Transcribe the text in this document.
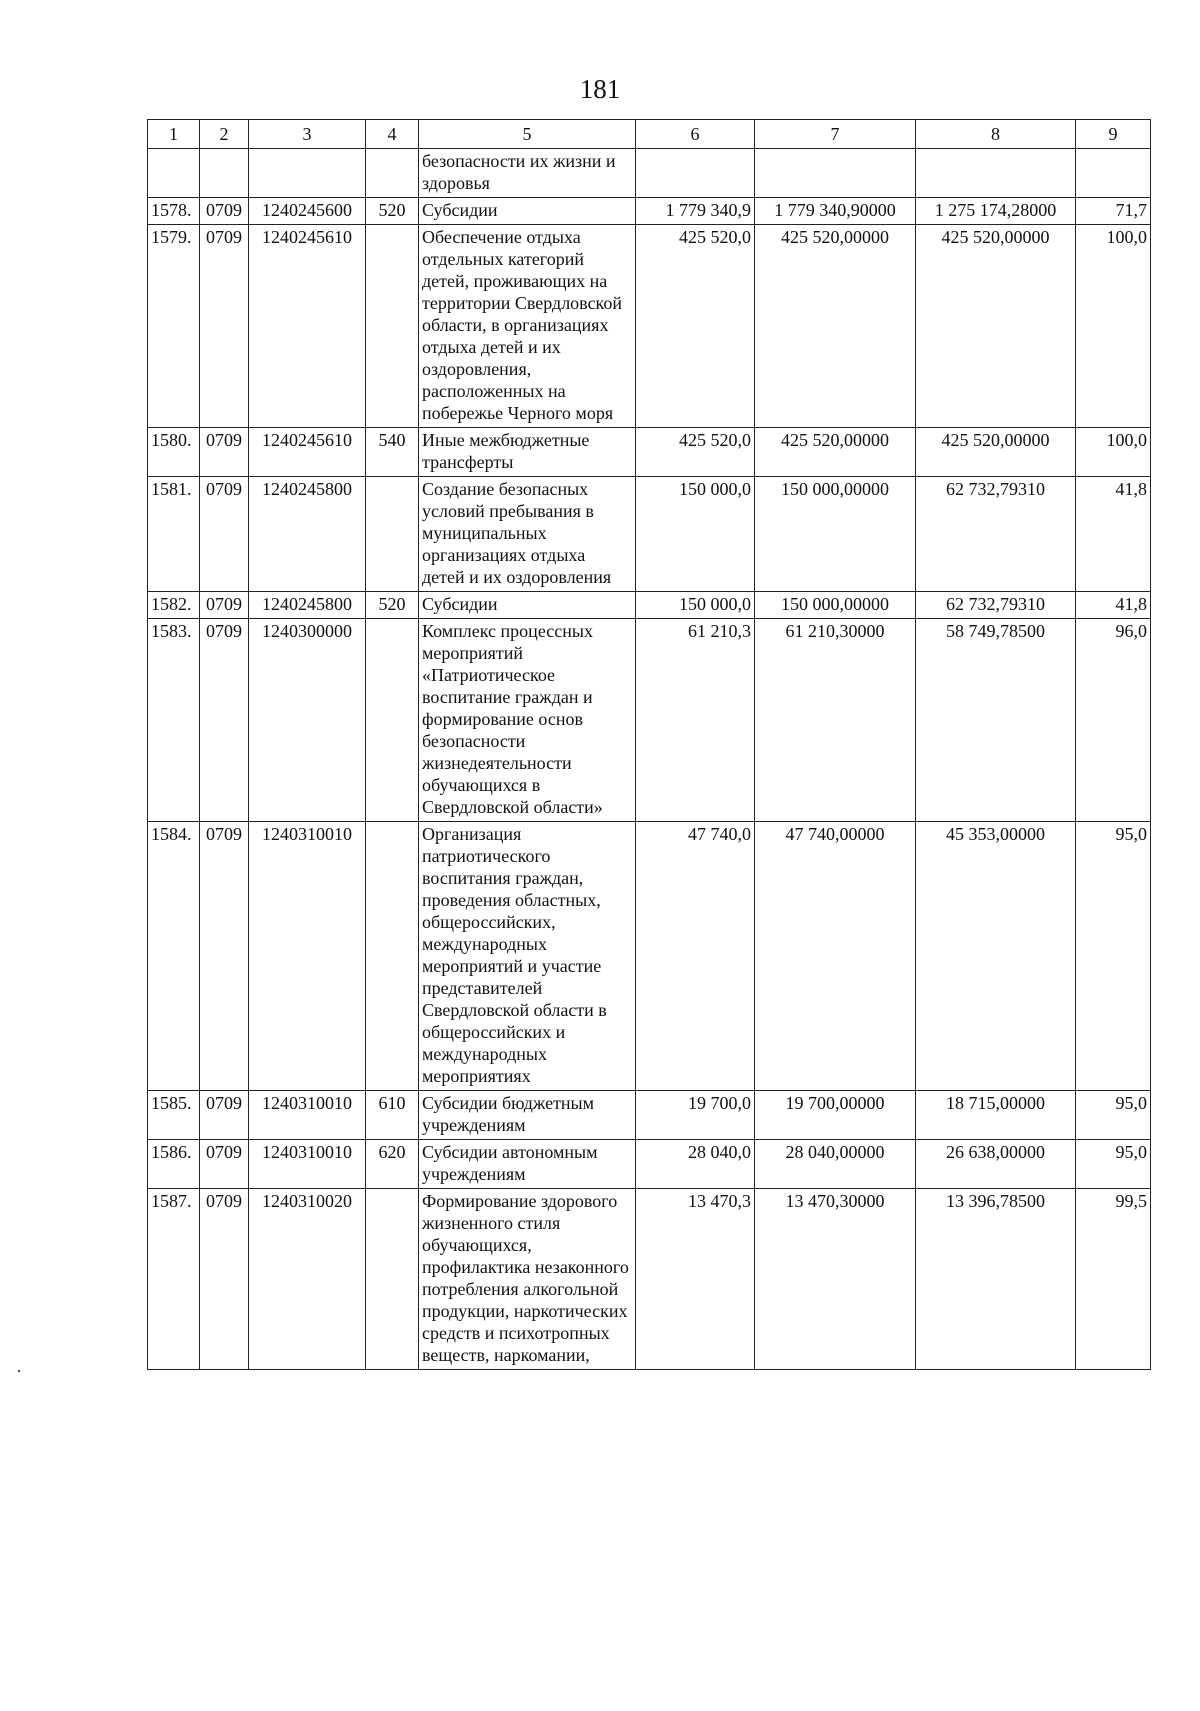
181
1	2	3	4	5	6	7	8	9
				безопасности их жизни и здоровья				
1578.	0709	1240245600	520	Субсидии	1 779 340,9	1 779 340,90000	1 275 174,28000	71,7
1579.	0709	1240245610		Обеспечение отдыха отдельных категорий детей, проживающих на территории Свердловской области, в организациях отдыха детей и их оздоровления, расположенных на побережье Черного моря	425 520,0	425 520,00000	425 520,00000	100,0
1580.	0709	1240245610	540	Иные межбюджетные трансферты	425 520,0	425 520,00000	425 520,00000	100,0
1581.	0709	1240245800		Создание безопасных условий пребывания в муниципальных организациях отдыха детей и их оздоровления	150 000,0	150 000,00000	62 732,79310	41,8
1582.	0709	1240245800	520	Субсидии	150 000,0	150 000,00000	62 732,79310	41,8
1583.	0709	1240300000		Комплекс процессных мероприятий «Патриотическое воспитание граждан и формирование основ безопасности жизнедеятельности обучающихся в Свердловской области»	61 210,3	61 210,30000	58 749,78500	96,0
1584.	0709	1240310010		Организация патриотического воспитания граждан, проведения областных, общероссийских, международных мероприятий и участие представителей Свердловской области в общероссийских и международных мероприятиях	47 740,0	47 740,00000	45 353,00000	95,0
1585.	0709	1240310010	610	Субсидии бюджетным учреждениям	19 700,0	19 700,00000	18 715,00000	95,0
1586.	0709	1240310010	620	Субсидии автономным учреждениям	28 040,0	28 040,00000	26 638,00000	95,0
1587.	0709	1240310020		Формирование здорового жизненного стиля обучающихся, профилактика незаконного потребления алкогольной продукции, наркотических средств и психотропных веществ, наркомании,	13 470,3	13 470,30000	13 396,78500	99,5
